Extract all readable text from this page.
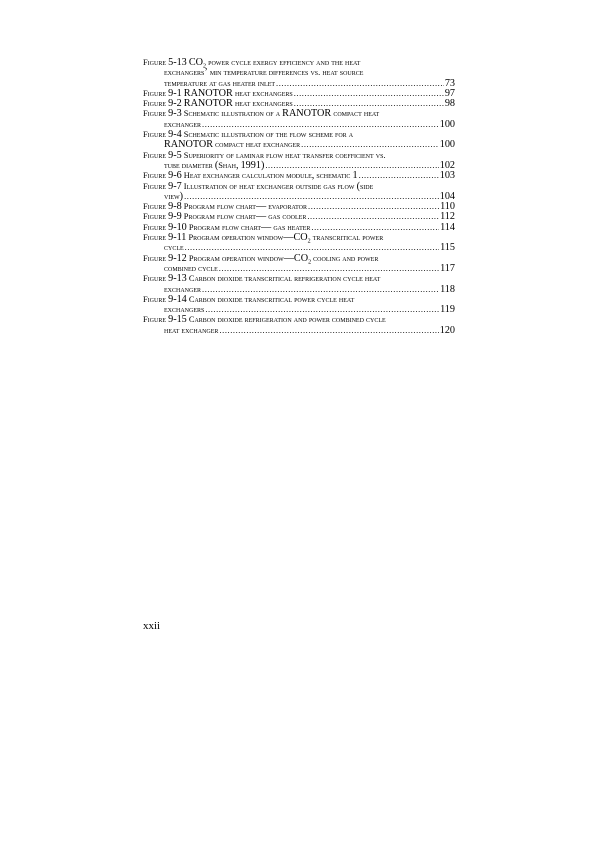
Figure 5-13 $CO_2$ power cycle exergy efficiency and the heat
exchangers’ min temperature differences vs. heat source
temperature at gas heater inlet .....	73
Figure 9-1 RANOTOR heat exchangers .....	97
Figure 9-2 RANOTOR heat exchangers .....	98
Figure 9-3 Schematic illustration of a RANOTOR compact heat
exchanger .....	100
Figure 9-4 Schematic illustration of the flow scheme for a
RANOTOR compact heat exchanger .....	100
Figure 9-5 Superiority of laminar flow heat transfer coefficient vs.
tube diameter (Shah, 1991) .....	102
Figure 9-6 Heat exchanger calculation module, schematic 1 .....	103
Figure 9-7 Illustration of heat exchanger outside gas flow (side
view) .....	104
Figure 9-8 Program flow chart— evaporator .....	110
Figure 9-9 Program flow chart— gas cooler .....	112
Figure 9-10 Program flow chart— gas heater .....	114
Figure 9-11 Program operation $window—CO_2$ transcritical power
cycle .....	115
Figure 9-12 Program operation $window—CO_2$ cooling and power
combined cycle .....	117
Figure 9-13 Carbon dioxide transcritical refrigeration cycle heat
exchanger .....	118
Figure 9-14 Carbon dioxide transcritical power cycle heat
exchangers .....	119
Figure 9-15 Carbon dioxide refrigeration and power combined cycle
heat exchanger .....	120
xxii
